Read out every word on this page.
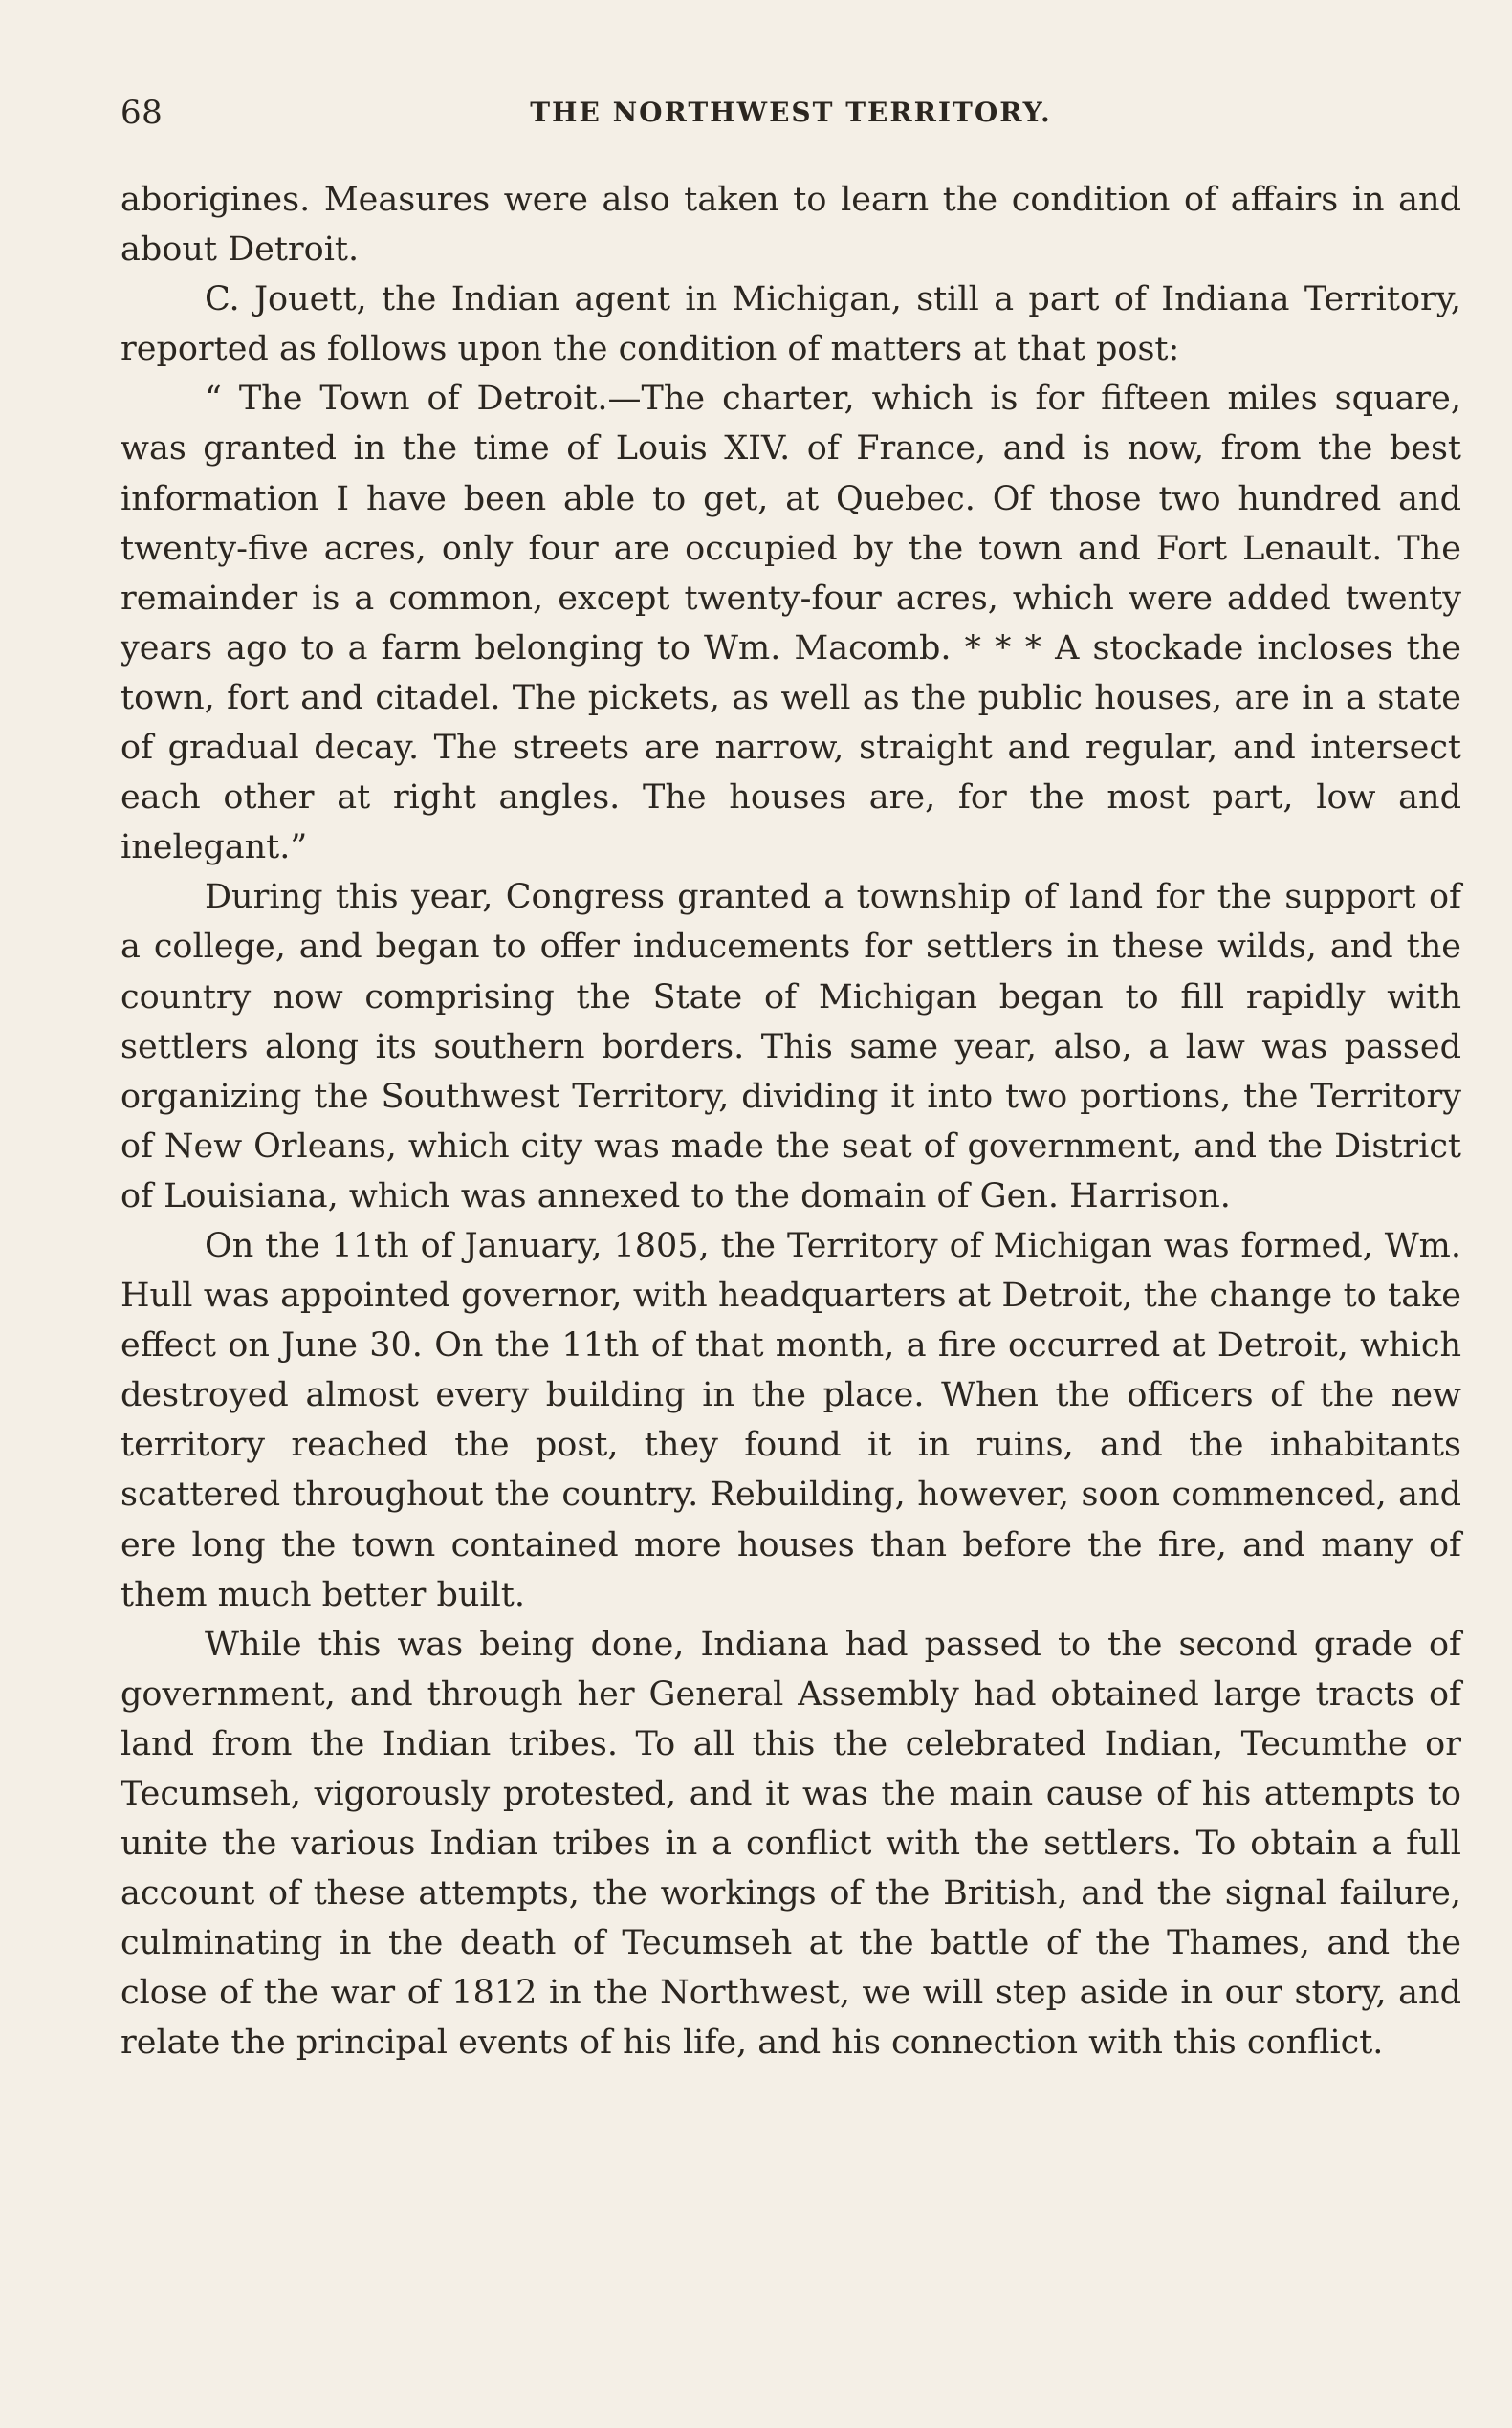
68	THE NORTHWEST TERRITORY.

aborigines. Measures were also taken to learn the condition of affairs in and about Detroit.

C. Jouett, the Indian agent in Michigan, still a part of Indiana Territory, reported as follows upon the condition of matters at that post:

“ The Town of Detroit.—The charter, which is for fifteen miles square, was granted in the time of Louis XIV. of France, and is now, from the best information I have been able to get, at Quebec. Of those two hundred and twenty-five acres, only four are occupied by the town and Fort Lenault. The remainder is a common, except twenty-four acres, which were added twenty years ago to a farm belonging to Wm. Macomb. * * * A stockade incloses the town, fort and citadel. The pickets, as well as the public houses, are in a state of gradual decay. The streets are narrow, straight and regular, and intersect each other at right angles. The houses are, for the most part, low and inelegant.”

During this year, Congress granted a township of land for the support of a college, and began to offer inducements for settlers in these wilds, and the country now comprising the State of Michigan began to fill rapidly with settlers along its southern borders. This same year, also, a law was passed organizing the Southwest Territory, dividing it into two portions, the Territory of New Orleans, which city was made the seat of government, and the District of Louisiana, which was annexed to the domain of Gen. Harrison.

On the 11th of January, 1805, the Territory of Michigan was formed, Wm. Hull was appointed governor, with headquarters at Detroit, the change to take effect on June 30. On the 11th of that month, a fire occurred at Detroit, which destroyed almost every building in the place. When the officers of the new territory reached the post, they found it in ruins, and the inhabitants scattered throughout the country. Rebuilding, however, soon commenced, and ere long the town contained more houses than before the fire, and many of them much better built.

While this was being done, Indiana had passed to the second grade of government, and through her General Assembly had obtained large tracts of land from the Indian tribes. To all this the celebrated Indian, Tecumthe or Tecumseh, vigorously protested, and it was the main cause of his attempts to unite the various Indian tribes in a conflict with the settlers. To obtain a full account of these attempts, the workings of the British, and the signal failure, culminating in the death of Tecumseh at the battle of the Thames, and the close of the war of 1812 in the Northwest, we will step aside in our story, and relate the principal events of his life, and his connection with this conflict.
